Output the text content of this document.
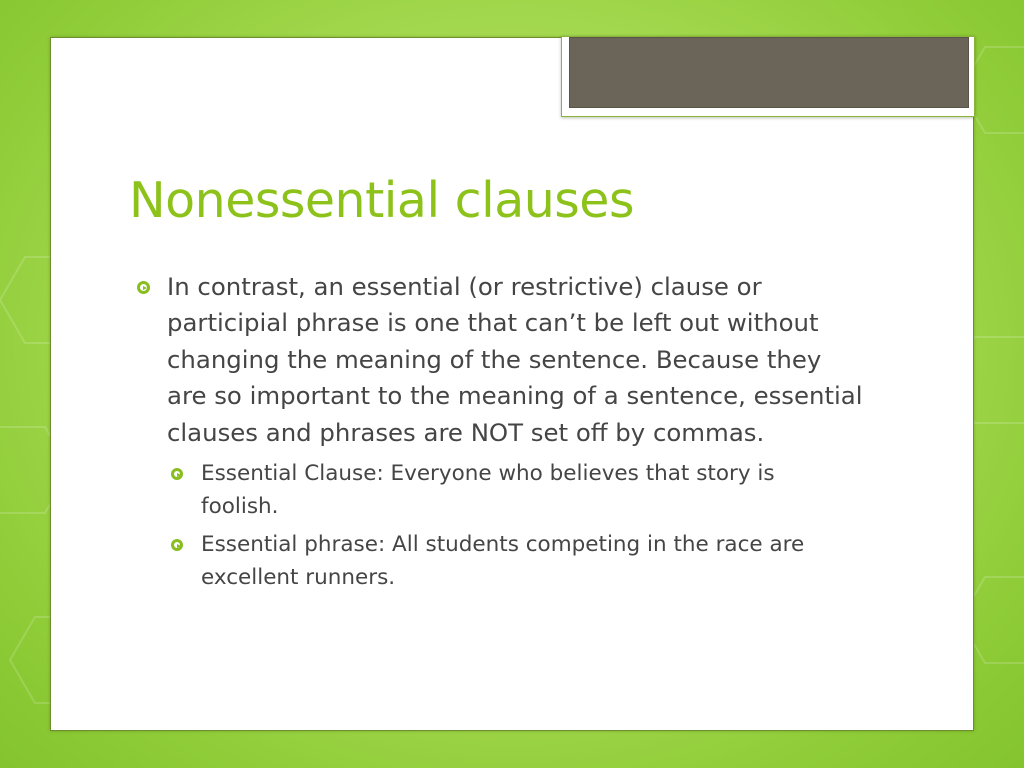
Nonessential clauses
In contrast, an essential (or restrictive) clause or participial phrase is one that can’t be left out without changing the meaning of the sentence. Because they are so important to the meaning of a sentence, essential clauses and phrases are NOT set off by commas.
Essential Clause: Everyone who believes that story is foolish.
Essential phrase: All students competing in the race are excellent runners.
